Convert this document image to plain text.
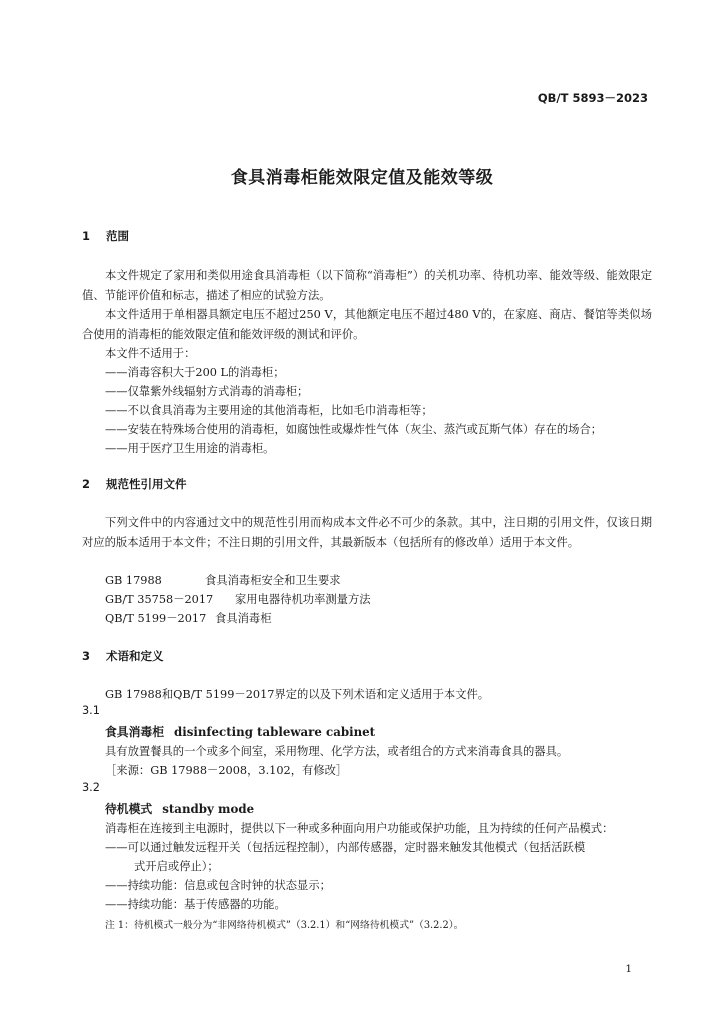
QB/T 5893－2023
食具消毒柜能效限定值及能效等级
1 范围
本文件规定了家用和类似用途食具消毒柜（以下简称“消毒柜”）的关机功率、待机功率、能效等级、能效限定值、节能评价值和标志，描述了相应的试验方法。
本文件适用于单相器具额定电压不超过250 V，其他额定电压不超过480 V的，在家庭、商店、餐馆等类似场合使用的消毒柜的能效限定值和能效评级的测试和评价。
本文件不适用于：
——消毒容积大于200 L的消毒柜；
——仅靠紫外线辐射方式消毒的消毒柜；
——不以食具消毒为主要用途的其他消毒柜，比如毛巾消毒柜等；
——安装在特殊场合使用的消毒柜，如腐蚀性或爆炸性气体（灰尘、蒸汽或瓦斯气体）存在的场合；
——用于医疗卫生用途的消毒柜。
2 规范性引用文件
下列文件中的内容通过文中的规范性引用而构成本文件必不可少的条款。其中，注日期的引用文件，仅该日期对应的版本适用于本文件；不注日期的引用文件，其最新版本（包括所有的修改单）适用于本文件。
GB 17988	食具消毒柜安全和卫生要求
GB/T 35758－2017 家用电器待机功率测量方法
QB/T 5199－2017 食具消毒柜
3 术语和定义
GB 17988和QB/T 5199－2017界定的以及下列术语和定义适用于本文件。
3.1
食具消毒柜 disinfecting tableware cabinet
具有放置餐具的一个或多个间室，采用物理、化学方法，或者组合的方式来消毒食具的器具。
［来源：GB 17988－2008，3.102，有修改］
3.2
待机模式 standby mode
消毒柜在连接到主电源时，提供以下一种或多种面向用户功能或保护功能，且为持续的任何产品模式：
——可以通过触发远程开关（包括远程控制），内部传感器，定时器来触发其他模式（包括活跃模
式开启或停止）；
——持续功能：信息或包含时钟的状态显示；
——持续功能：基于传感器的功能。
注 1：待机模式一般分为“非网络待机模式”（3.2.1）和“网络待机模式”（3.2.2）。
1
